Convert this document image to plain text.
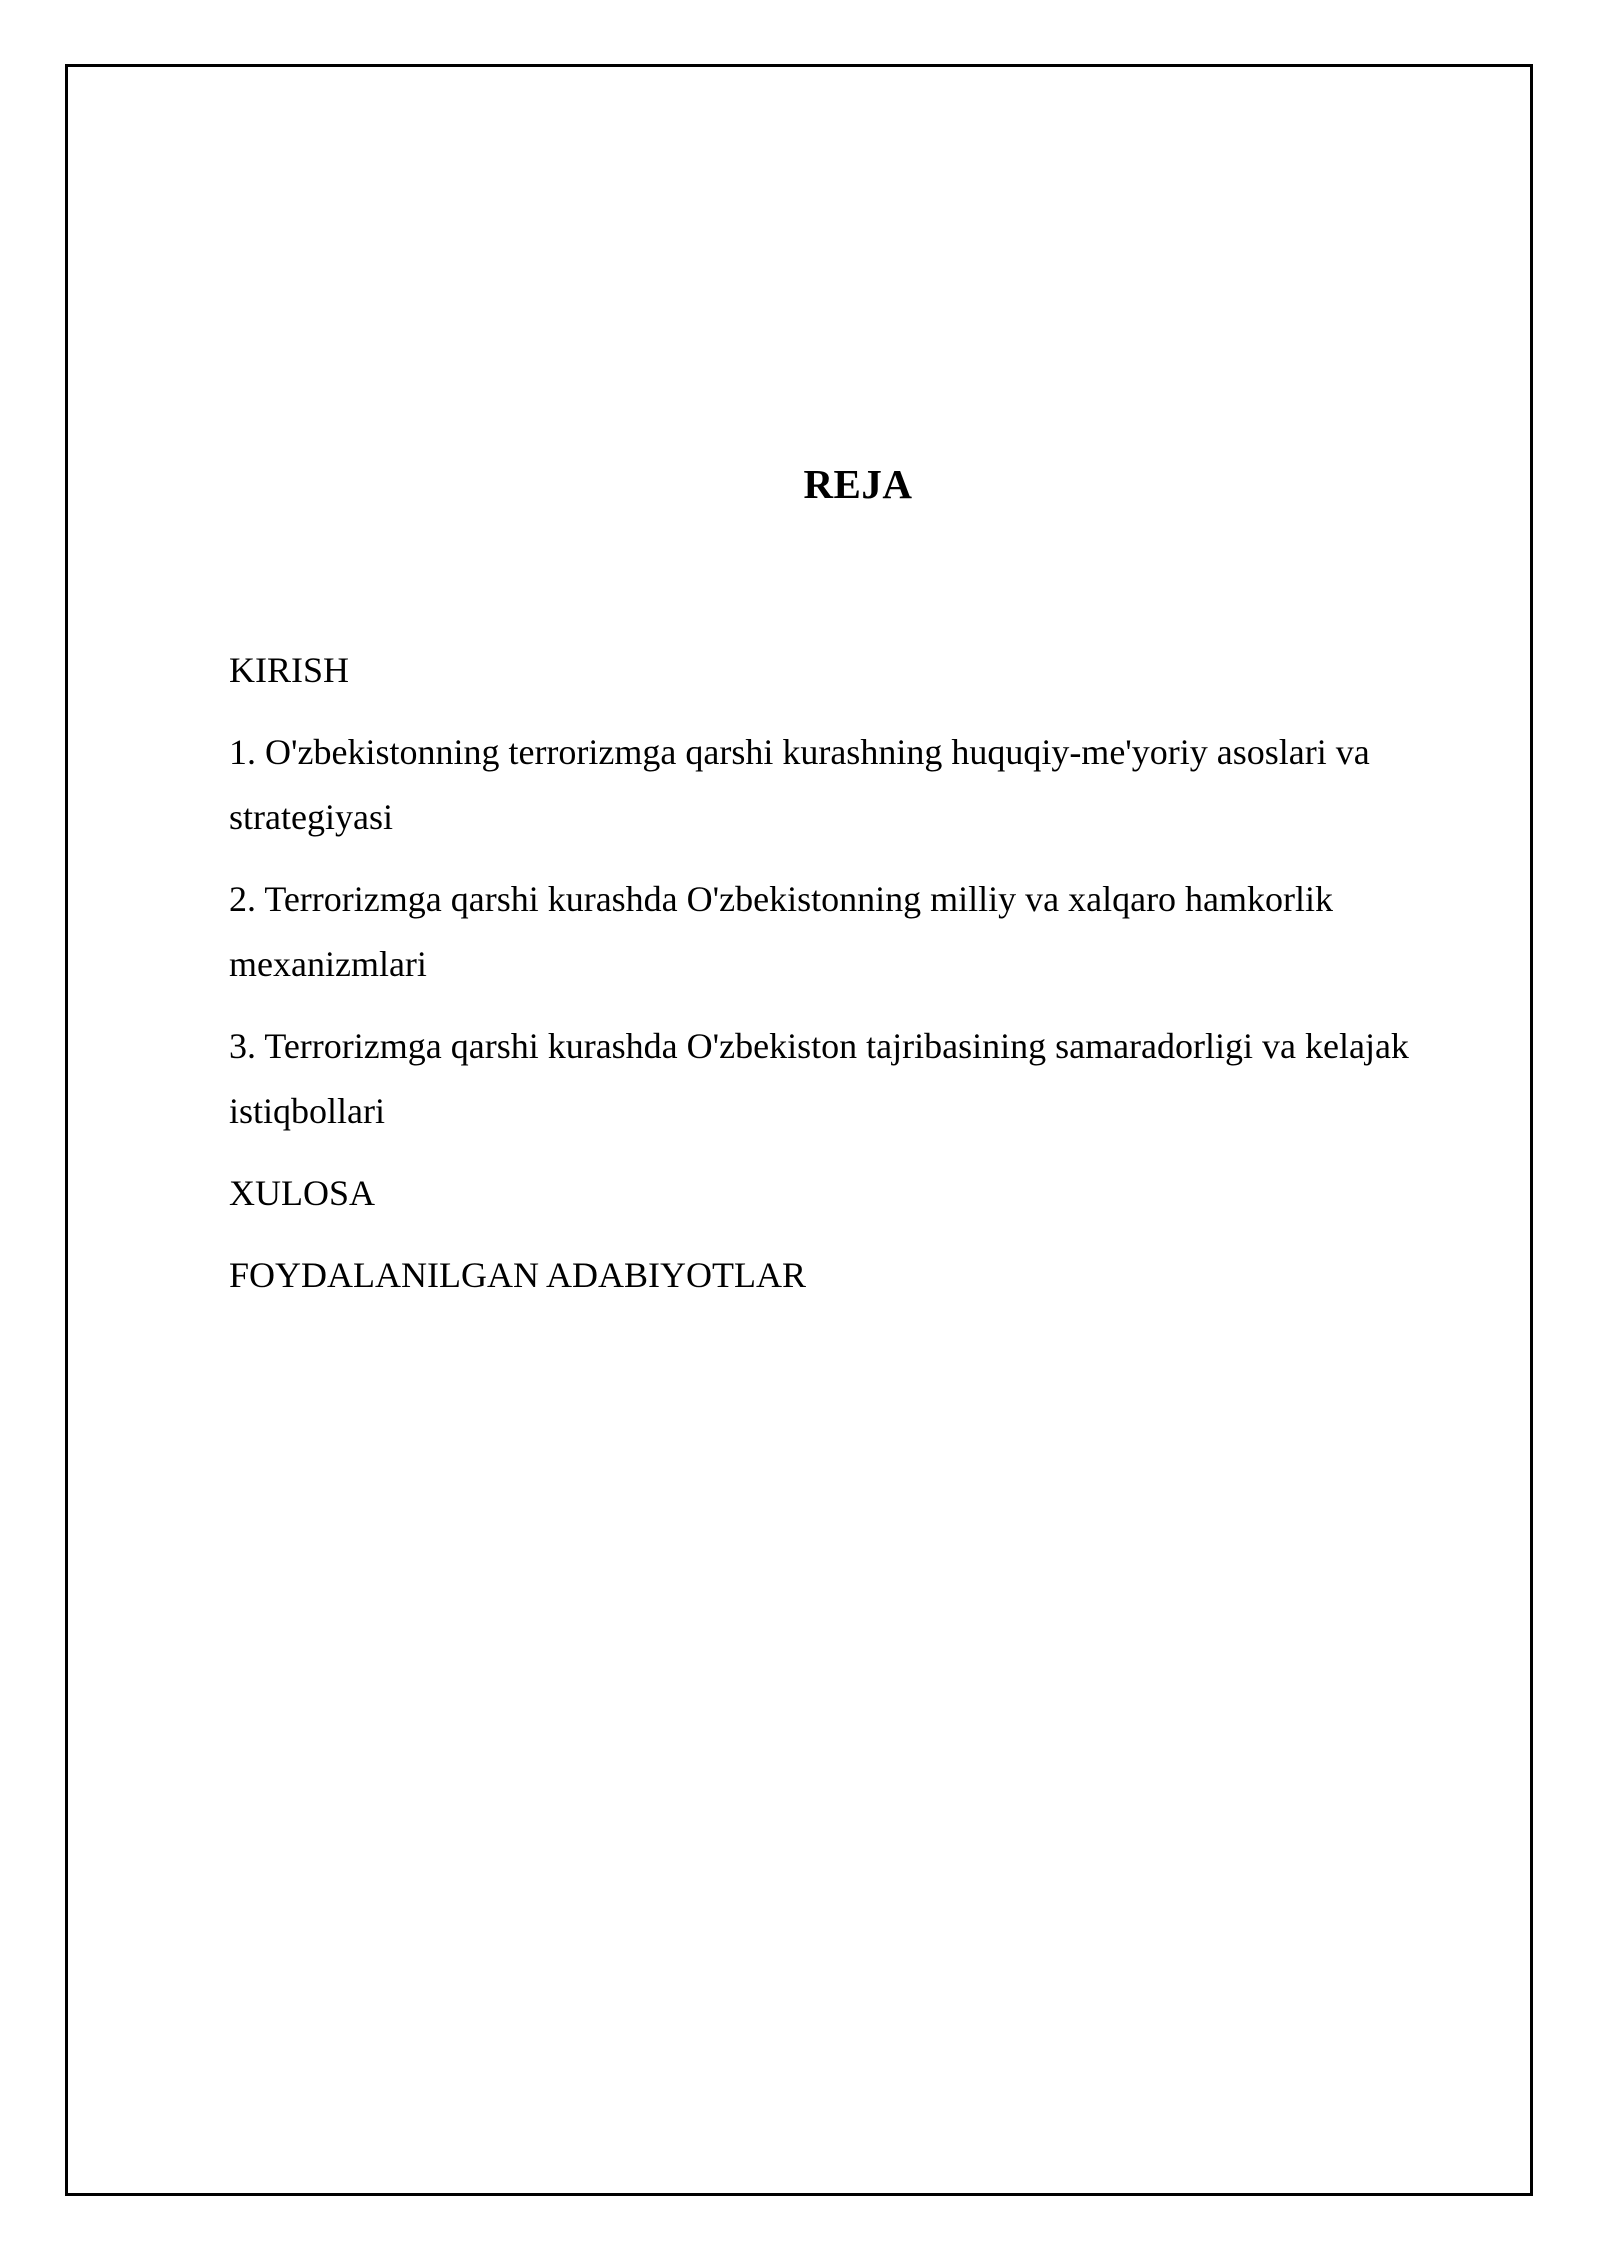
REJA
KIRISH
1. O'zbekistonning terrorizmga qarshi kurashning huquqiy-me'yoriy asoslari va strategiyasi
2. Terrorizmga qarshi kurashda O'zbekistonning milliy va xalqaro hamkorlik mexanizmlari
3. Terrorizmga qarshi kurashda O'zbekiston tajribasining samaradorligi va kelajak istiqbollari
XULOSA
FOYDALANILGAN ADABIYOTLAR
